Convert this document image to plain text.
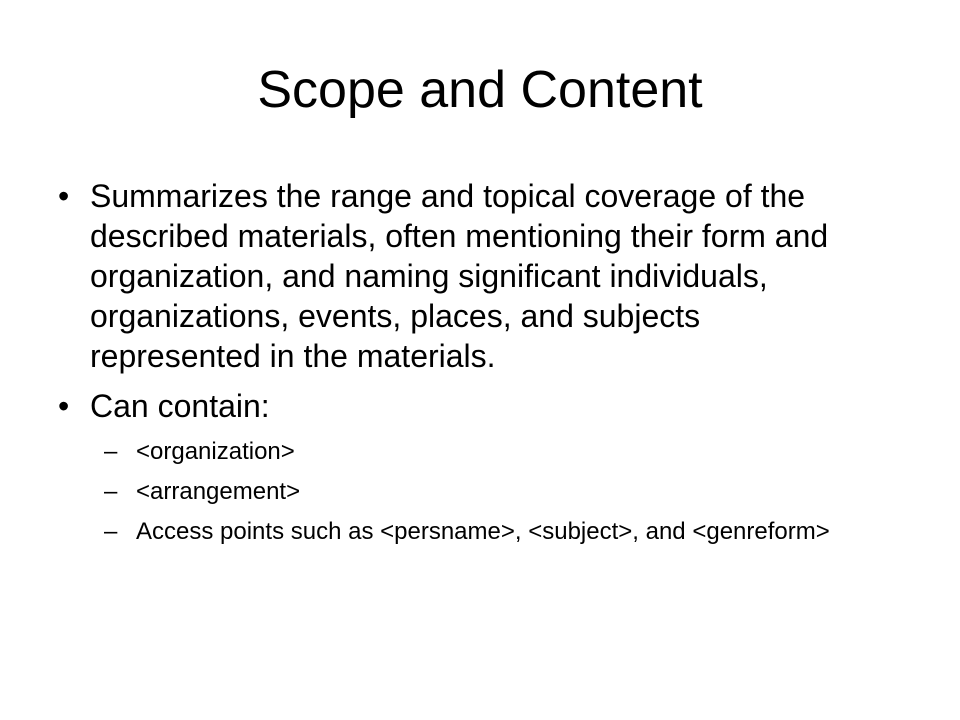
Scope and Content
• Summarizes the range and topical coverage of the described materials, often mentioning their form and organization, and naming significant individuals, organizations, events, places, and subjects represented in the materials.
• Can contain:
– <organization>
– <arrangement>
– Access points such as <persname>, <subject>, and <genreform>
